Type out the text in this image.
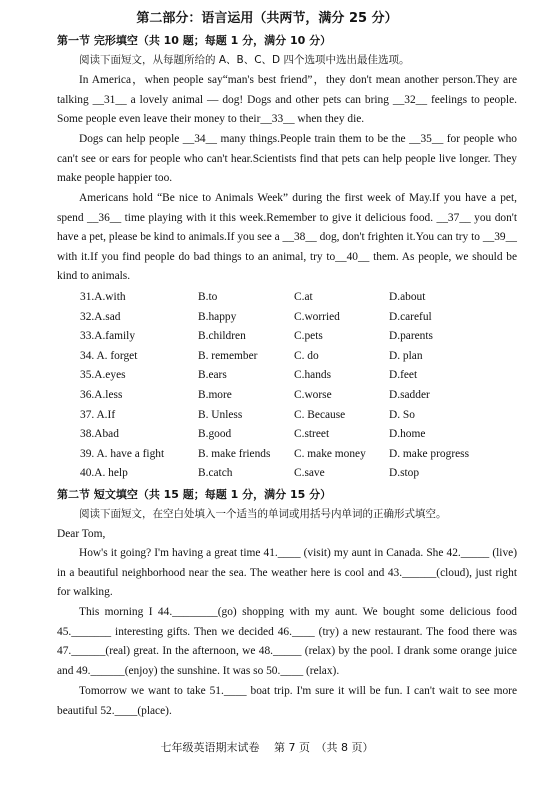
第二部分：语言运用（共两节，满分 25 分）
第一节 完形填空（共 10 题；每题 1 分，满分 10 分）
阅读下面短文，从每题所给的 A、B、C、D 四个选项中选出最佳选项。
In America，when people say“man's best friend”，they don't mean another person.They are talking __31__ a lovely animal — dog! Dogs and other pets can bring __32__ feelings to people. Some people even leave their money to their__33__ when they die.
Dogs can help people __34__ many things.People train them to be the __35__ for people who can't see or ears for people who can't hear.Scientists find that pets can help people live longer. They make people happier too.
Americans hold “Be nice to Animals Week” during the first week of May.If you have a pet, spend __36__ time playing with it this week.Remember to give it delicious food. __37__ you don't have a pet, please be kind to animals.If you see a __38__ dog, don't frighten it.You can try to __39__ with it.If you find people do bad things to an animal, try to__40__ them. As people, we should be kind to animals.
31.A.with	B.to	C.at	D.about
32.A.sad	B.happy	C.worried	D.careful
33.A.family	B.children	C.pets	D.parents
34. A. forget	B. remember	C. do	D. plan
35.A.eyes	B.ears	C.hands	D.feet
36.A.less	B.more	C.worse	D.sadder
37. A.If	B. Unless	C. Because	D. So
38.Abad	B.good	C.street	D.home
39. A. have a fight	B. make friends C. make money D. make progress
40.A. help	B.catch	C.save	D.stop
第二节 短文填空（共 15 题；每题 1 分，满分 15 分）
阅读下面短文，在空白处填入一个适当的单词或用括号内单词的正确形式填空。
Dear Tom,
How's it going? I'm having a great time 41.____ (visit) my aunt in Canada. She 42._____ (live) in a beautiful neighborhood near the sea. The weather here is cool and 43.______(cloud), just right for walking.
This morning I 44.________(go) shopping with my aunt. We bought some delicious food 45._______ interesting gifts. Then we decided 46.____ (try) a new restaurant. The food there was 47.______(real) great. In the afternoon, we 48._____ (relax) by the pool. I drank some orange juice and 49.______(enjoy) the sunshine. It was so 50.____ (relax).
Tomorrow we want to take 51.____ boat trip. I'm sure it will be fun. I can't wait to see more beautiful 52.____(place).
七年级英语期末试卷　 第 7 页　（共 8 页）
